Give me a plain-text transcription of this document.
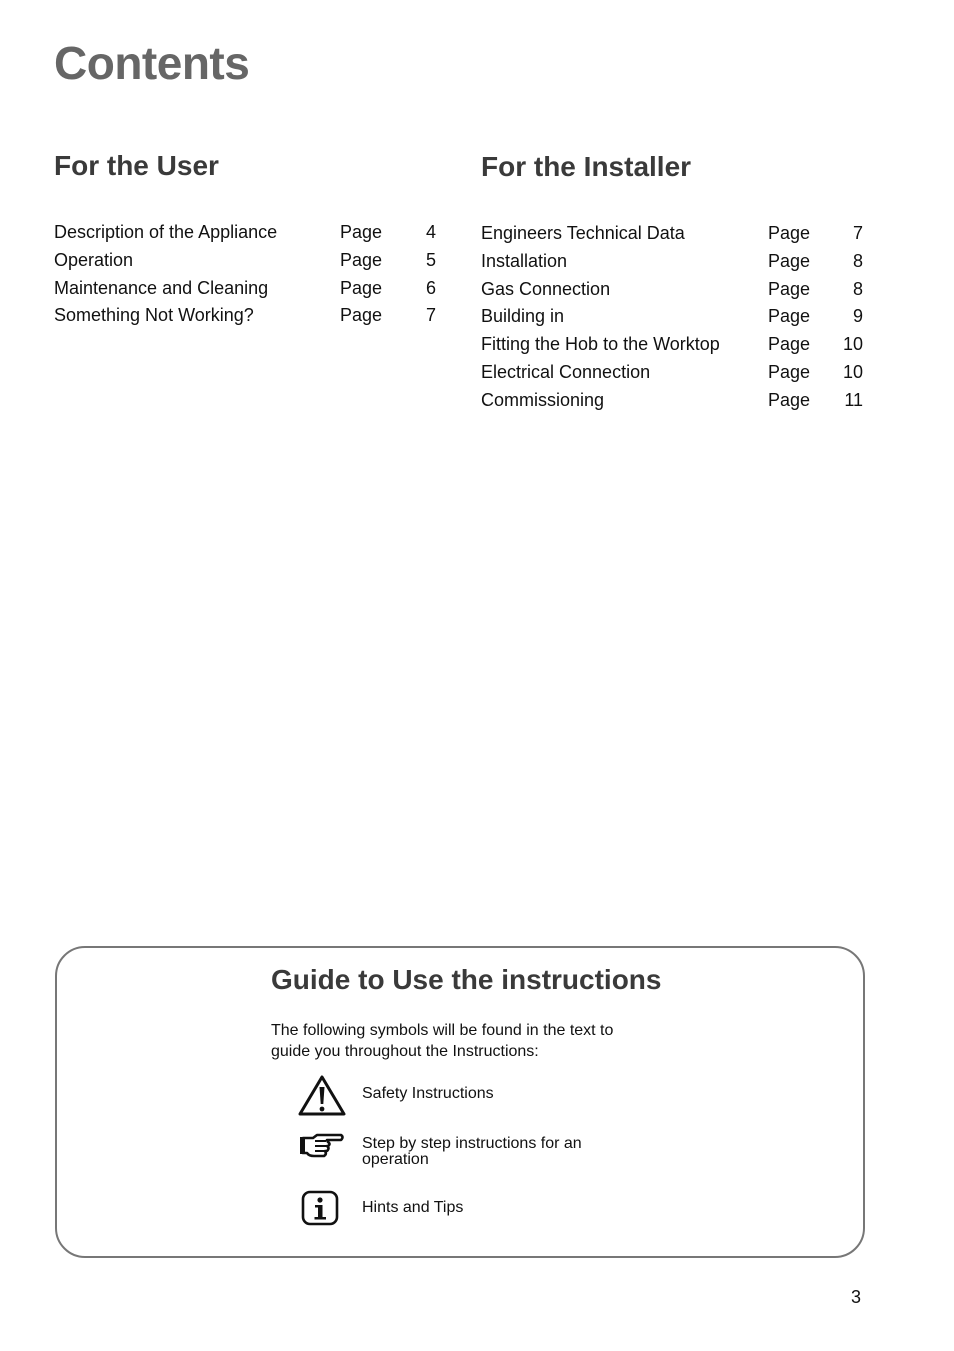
Contents
For the User	For the Installer
Description of the Appliance	Page	4
Operation	Page	5
Maintenance and Cleaning	Page	6
Something Not Working?	Page	7
Engineers Technical Data	Page	7
Installation	Page	8
Gas Connection	Page	8
Building in	Page	9
Fitting the Hob to the Worktop	Page	10
Electrical Connection	Page	10
Commissioning	Page	11
Guide to Use the instructions

The following symbols will be found in the text to
guide you throughout the Instructions:

Safety Instructions
Step by step instructions for an
operation
Hints and Tips
3
